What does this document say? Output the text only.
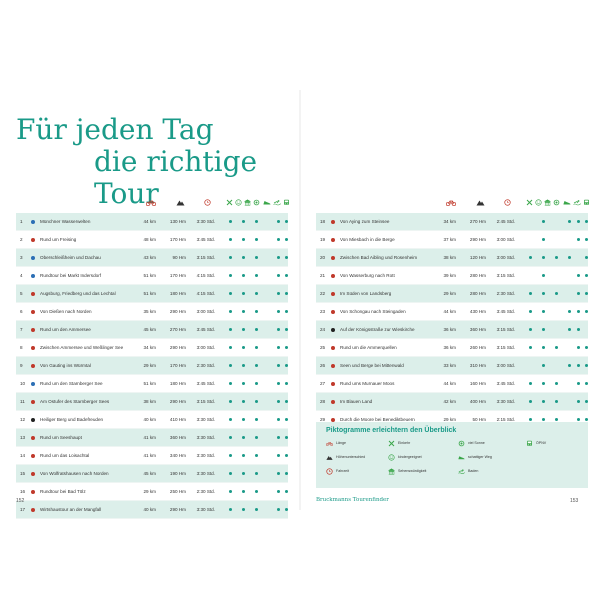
Für jeden Tag
die richtige Tour
1	Münchner Wasserwelten	44 km	130 Hm	3:30 Std.
2	Rund um Freising	48 km	170 Hm	3:45 Std.
3	Oberschleißheim und Dachau	43 km	90 Hm	3:15 Std.
4	Rundtour bei Markt Indersdorf	51 km	170 Hm	4:15 Std.
5	Augsburg, Friedberg und das Lechtal	51 km	180 Hm	4:15 Std.
6	Von Dießen nach Norden	35 km	290 Hm	3:00 Std.
7	Rund um den Ammersee	45 km	270 Hm	3:45 Std.
8	Zwischen Ammersee und Weßlinger See	34 km	290 Hm	3:00 Std.
9	Von Gauting ins Würmtal	29 km	170 Hm	2:30 Std.
10	Rund um den Starnberger See	51 km	180 Hm	3:45 Std.
11	Am Ostufer des Starnberger Sees	38 km	290 Hm	3:15 Std.
12	Heiliger Berg und Badefreuden	40 km	410 Hm	3:30 Std.
13	Rund um Seeshaupt	41 km	360 Hm	3:30 Std.
14	Rund um das Loisachtal	41 km	340 Hm	3:30 Std.
15	Von Wolfratshausen nach Norden	45 km	190 Hm	3:30 Std.
16	Rundtour bei Bad Tölz	29 km	250 Hm	2:30 Std.
17	Wirtshaustour an der Mangfall	40 km	290 Hm	3:30 Std.
152
18	Von Aying zum Steinsee	34 km	270 Hm	2:45 Std.
19	Von Miesbach in die Berge	37 km	290 Hm	3:00 Std.
20	Zwischen Bad Aibling und Rosenheim	38 km	120 Hm	3:00 Std.
21	Von Wasserburg nach Rott	39 km	280 Hm	3:15 Std.
22	Im Süden von Landsberg	29 km	280 Hm	2:30 Std.
23	Von Schongau nach Steingaden	44 km	430 Hm	3:45 Std.
24	Auf der Königsstraße zur Wieskirche	36 km	360 Hm	3:15 Std.
25	Rund um die Ammerquellen	36 km	260 Hm	3:15 Std.
26	Seen und Berge bei Mittenwald	33 km	310 Hm	3:00 Std.
27	Rund ums Murnauer Moos	44 km	160 Hm	3:45 Std.
28	Im Blauen Land	42 km	400 Hm	3:30 Std.
29	Durch die Moore bei Benediktbeuern	29 km	50 Hm	2:15 Std.
Piktogramme erleichtern den Überblick
Länge	Einkehr	viel Sonne	ÖPNV
Höhenunterschied	kindergeeignet	schattiger Weg
Fahrzeit	Sehenswürdigkeit	Baden
Bruckmanns Tourenfinder	153
